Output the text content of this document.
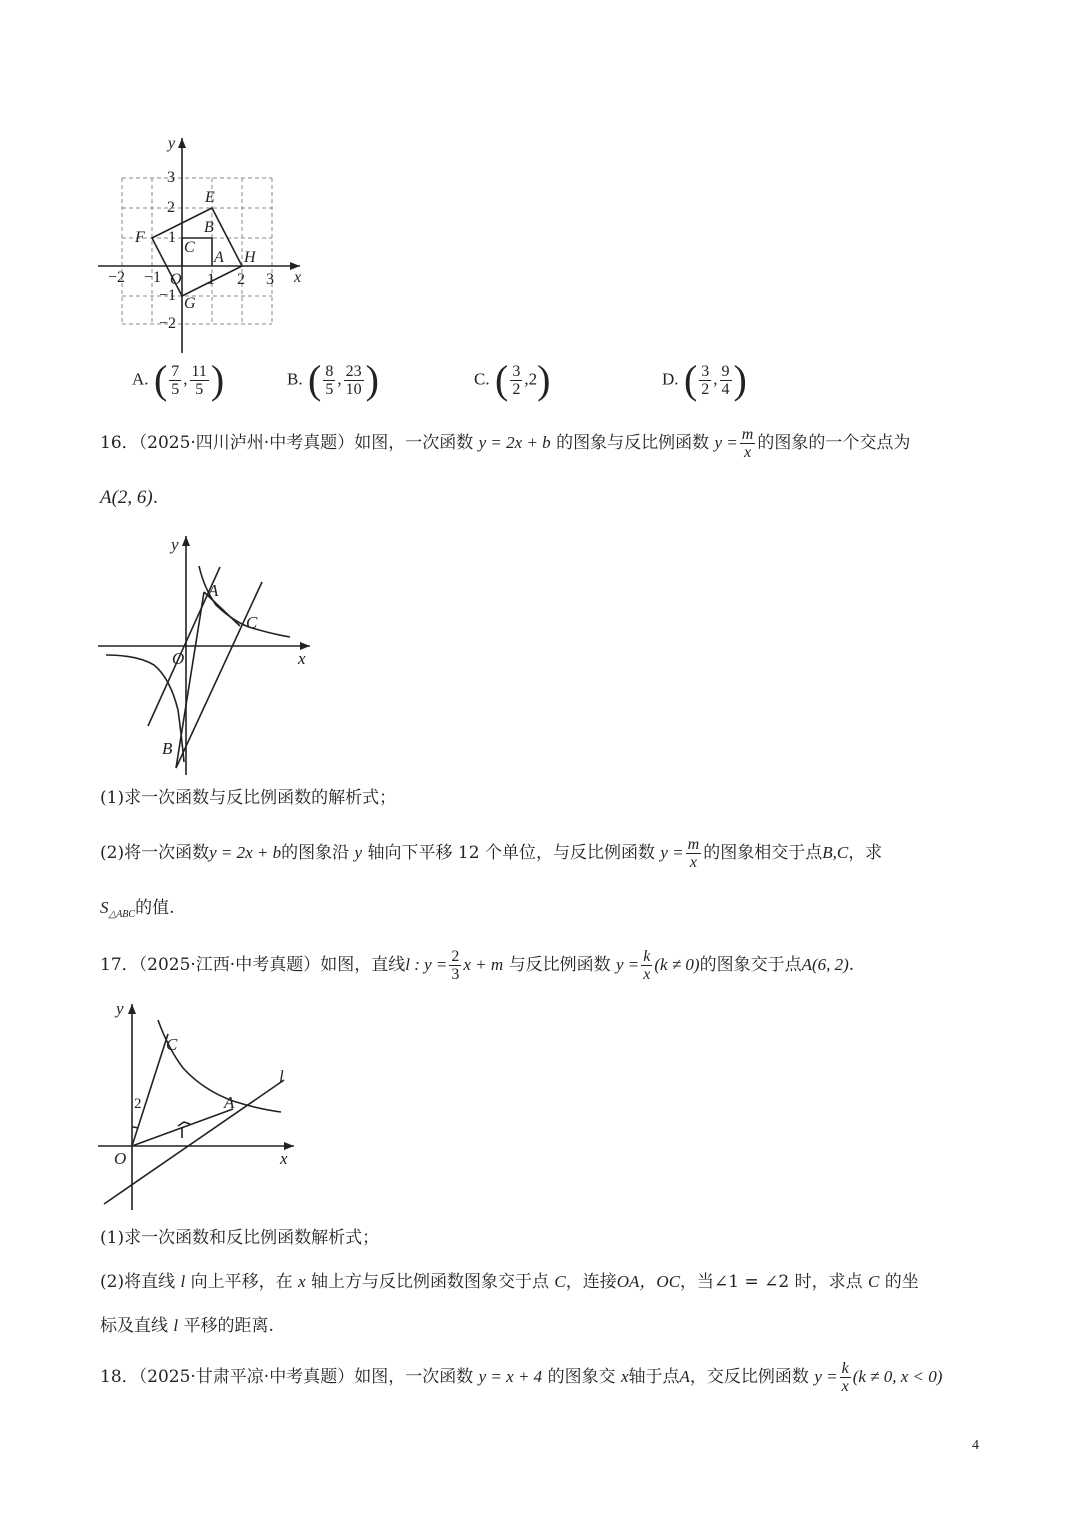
y
x
−2 −1 O 1 2 3
3
2
1
−1
−2
E
B
F
C
A H
G
A. ( $\frac{7}{5}$ , $\frac{11}{5}$ )	B. ( $\frac{8}{5}$ , $\frac{23}{10}$ )	C. ( $\frac{3}{2} ,2$)	D. ( $\frac{3}{2}$ , $\frac{9}{4}$ )
16．（2025·四川泸州·中考真题）如图，一次函数 y = 2x + b 的图象与反比例函数 $y = \frac{m}{x}$ 的图象的一个交点为
A(2, 6).
y
x
A
C
O
B
(1)求一次函数与反比例函数的解析式；
(2)将一次函数y = 2x + b的图象沿 y 轴向下平移 12 个单位，与反比例函数 $y = \frac{m}{x}$ 的图象相交于点B,C，求
$S_{\triangle ABC}$的值.
17．（2025·江西·中考真题）如图，直线l : $y = \frac{2}{3}$ x + m 与反比例函数 $y = \frac{k}{x} (k \ne 0)$的图象交于点A(6, 2).
y
x
C
A
O
l
2
(1)求一次函数和反比例函数解析式；
(2)将直线 l 向上平移，在 x 轴上方与反比例函数图象交于点 C，连接OA，OC，当∠1 = ∠2 时，求点 C 的坐
标及直线 l 平移的距离.
18．（2025·甘肃平凉·中考真题）如图，一次函数 y = x + 4 的图象交 x轴于点A，交反比例函数 $y = \frac{k}{x} (k \ne 0$, x < 0)
4
